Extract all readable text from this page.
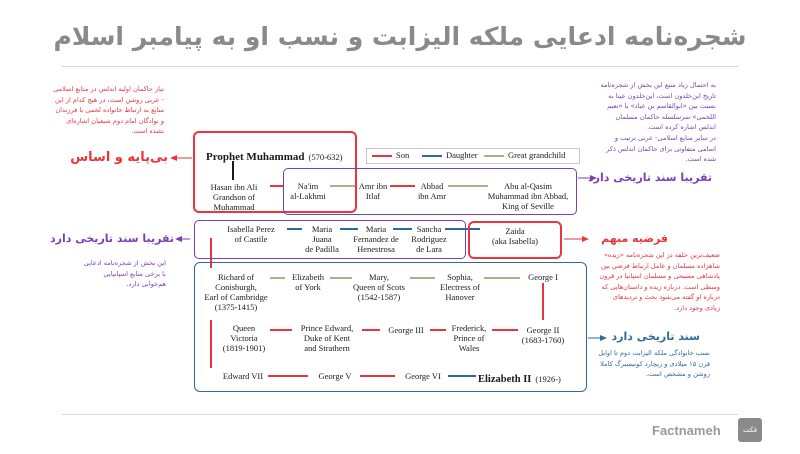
شجره‌نامه ادعایی ملکه الیزابت و نسب او به پیامبر اسلام
Son	Daughter	Great grandchild
Prophet Muhammad (570-632)
Hasan ibn Ali
Grandson of
Muhammad
Na'im
al-Lakhmi
Amr ibn
Itlaf
Abbad
ibn Amr
Abu al-Qasim
Muhammad ibn Abbad,
King of Seville
Isabella Perez
of Castile
Maria
Juana
de Padilla
Maria
Fernandez de
Henestrosa
Sancha
Rodriguez
de Lara
Zaida
(aka Isabella)
Richard of
Conisburgh,
Earl of Cambridge
(1375-1415)
Elizabeth
of York
Mary,
Queen of Scots
(1542-1587)
Sophia,
Electress of
Hanover
George I
Queen
Victoria
(1819-1901)
Prince Edward,
Duke of Kent
and Strathern
George III	Frederick,
Prince of
Wales
George II
(1683-1760)
Edward VII	George V	George VI	Elizabeth II (1926-)
تبار حاکمان اولیه اندلس در منابع اسلامی - عربی روشن است، در هیچ کدام از این منابع به ارتباط خانواده لخمی با فرزندان و نوادگان امام دوم شیعیان اشاره‌ای نشده است.
بی‌پایه و اساس
به احتمال زیاد منبع این بخش از شجره‌نامه تاریخ ابن‌خلدون است، این‌خلدون عینا به نسبت بین «ابوالقاسم بن عباد» با «نعیم اللخمی» سرسلسله حاکمان مسلمان اندلس اشاره کرده است.
در سایر منابع اسلامی- عربی ترتیب و اسامی متفاوتی برای حاکمان اندلس ذکر شده است.
تقریبا سند تاریخی دارد
تقریبا سند تاریخی دارد
این بخش از شجره‌نامه ادعایی با برخی منابع اسپانیایی هم‌خوانی دارد.
فرضیه مبهم
ضعیف‌ترین حلقه در این شجره‌نامه «زیده» شاهزاده مسلمان و عامل ارتباط فرضی بین پادشاهی مسیحی و مسلمان اسپانیا در قرون وسطی است. درباره زیده و داستان‌هایی که درباره او گفته می‌شود بحث و تردیدهای زیادی وجود دارد.
سند تاریخی دارد
نسب خانوادگی ملکه الیزابت دوم تا اوایل قرن ۱۵ میلادی و ریچارد کونیسبرگ کاملا روشن و مشخص است.
Factnameh	فکت
